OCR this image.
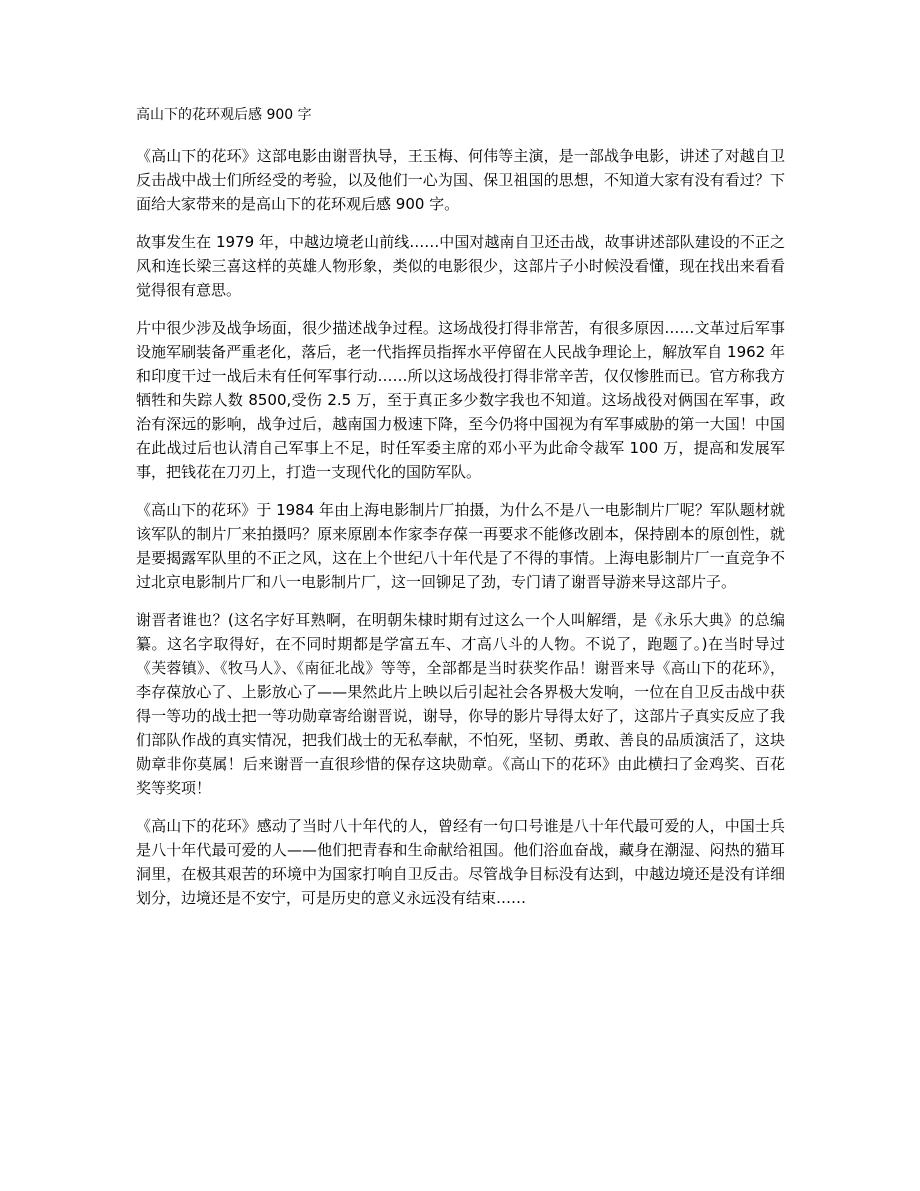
高山下的花环观后感 900 字

《高山下的花环》这部电影由谢晋执导，王玉梅、何伟等主演，是一部战争电影，讲述了对越自卫反击战中战士们所经受的考验，以及他们一心为国、保卫祖国的思想，不知道大家有没有看过？下面给大家带来的是高山下的花环观后感 900 字。

故事发生在 1979 年，中越边境老山前线……中国对越南自卫还击战，故事讲述部队建设的不正之风和连长梁三喜这样的英雄人物形象，类似的电影很少，这部片子小时候没看懂，现在找出来看看觉得很有意思。

片中很少涉及战争场面，很少描述战争过程。这场战役打得非常苦，有很多原因……文革过后军事设施军刷装备严重老化，落后，老一代指挥员指挥水平停留在人民战争理论上，解放军自 1962 年和印度干过一战后未有任何军事行动……所以这场战役打得非常辛苦，仅仅惨胜而已。官方称我方牺牲和失踪人数 8500,受伤 2.5 万，至于真正多少数字我也不知道。这场战役对俩国在军事，政治有深远的影响，战争过后，越南国力极速下降，至今仍将中国视为有军事威胁的第一大国！中国在此战过后也认清自己军事上不足，时任军委主席的邓小平为此命令裁军 100 万，提高和发展军事，把钱花在刀刃上，打造一支现代化的国防军队。

《高山下的花环》于 1984 年由上海电影制片厂拍摄，为什么不是八一电影制片厂呢？军队题材就该军队的制片厂来拍摄吗？原来原剧本作家李存葆一再要求不能修改剧本，保持剧本的原创性，就是要揭露军队里的不正之风，这在上个世纪八十年代是了不得的事情。上海电影制片厂一直竞争不过北京电影制片厂和八一电影制片厂，这一回铆足了劲，专门请了谢晋导游来导这部片子。

谢晋者谁也？(这名字好耳熟啊，在明朝朱棣时期有过这么一个人叫解缙，是《永乐大典》的总编纂。这名字取得好，在不同时期都是学富五车、才高八斗的人物。不说了，跑题了。)在当时导过《芙蓉镇》、《牧马人》、《南征北战》等等，全部都是当时获奖作品！谢晋来导《高山下的花环》，李存葆放心了、上影放心了——果然此片上映以后引起社会各界极大发响，一位在自卫反击战中获得一等功的战士把一等功勋章寄给谢晋说，谢导，你导的影片导得太好了，这部片子真实反应了我们部队作战的真实情况，把我们战士的无私奉献，不怕死，坚韧、勇敢、善良的品质演活了，这块勋章非你莫属！后来谢晋一直很珍惜的保存这块勋章。《高山下的花环》由此横扫了金鸡奖、百花奖等奖项！

《高山下的花环》感动了当时八十年代的人，曾经有一句口号谁是八十年代最可爱的人，中国士兵是八十年代最可爱的人——他们把青春和生命献给祖国。他们浴血奋战，藏身在潮湿、闷热的猫耳洞里，在极其艰苦的环境中为国家打响自卫反击。尽管战争目标没有达到，中越边境还是没有详细划分，边境还是不安宁，可是历史的意义永远没有结束……
